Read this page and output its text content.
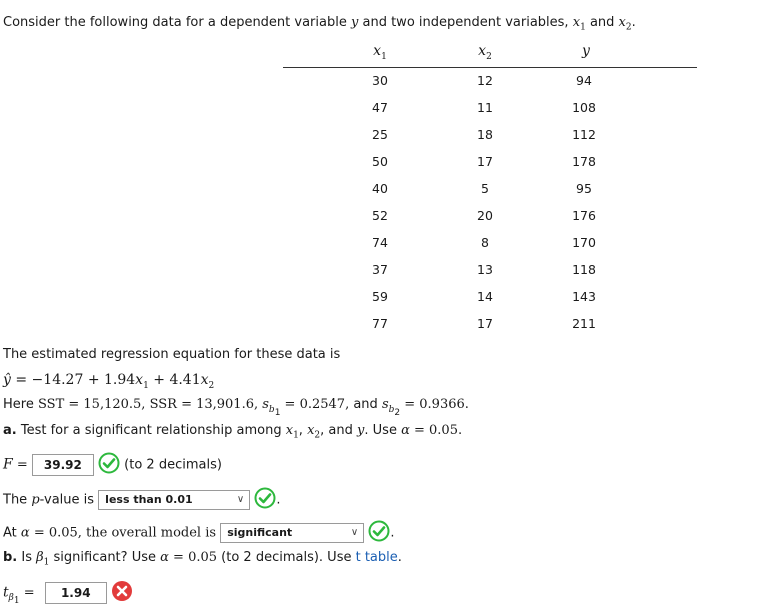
Consider the following data for a dependent variable y and two independent variables, $x_1$ and $x_2$.
$x_1$	$x_2$	y
30	12	94
47	11	108
25	18	112
50	17	178
40	5	95
52	20	176
74	8	170
37	13	118
59	14	143
77	17	211
The estimated regression equation for these data is
ŷ = $-14.27 + 1.94x_1 + 4.41x_2$
Here SST = 15,120.5, SSR = 13,901.6, $s_{b_1} = 0.2547$, and $s_{b_2} = 0.9366$.
a. Test for a significant relationship among $x_1$, $x_2$, and y. Use α = 0.05.
F = 39.92	(to 2 decimals)
The p-value is less than 0.01	∨ .
At α = 0.05, the overall model is significant	∨ .
b. Is $\beta_1$ significant? Use α = 0.05 (to 2 decimals). Use t table.
$t_{\beta_1} = 1.94$
